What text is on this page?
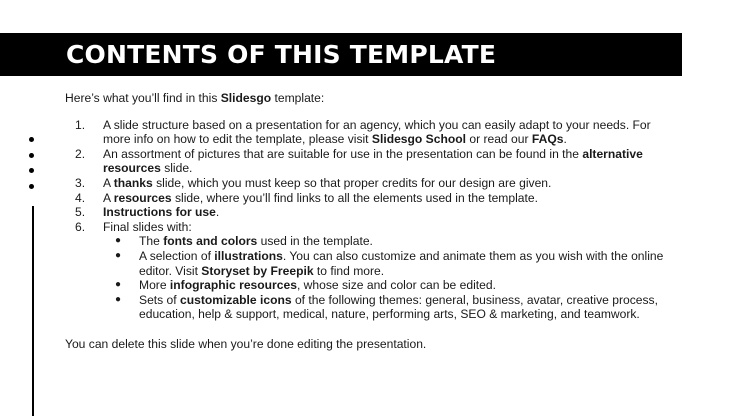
CONTENTS OF THIS TEMPLATE

Here’s what you’ll find in this Slidesgo template:

1. A slide structure based on a presentation for an agency, which you can easily adapt to your needs. For more info on how to edit the template, please visit Slidesgo School or read our FAQs.
2. An assortment of pictures that are suitable for use in the presentation can be found in the alternative resources slide.
3. A thanks slide, which you must keep so that proper credits for our design are given.
4. A resources slide, where you’ll find links to all the elements used in the template.
5. Instructions for use.
6. Final slides with:
● The fonts and colors used in the template.
● A selection of illustrations. You can also customize and animate them as you wish with the online editor. Visit Storyset by Freepik to find more.
● More infographic resources, whose size and color can be edited.
● Sets of customizable icons of the following themes: general, business, avatar, creative process, education, help & support, medical, nature, performing arts, SEO & marketing, and teamwork.

You can delete this slide when you’re done editing the presentation.
